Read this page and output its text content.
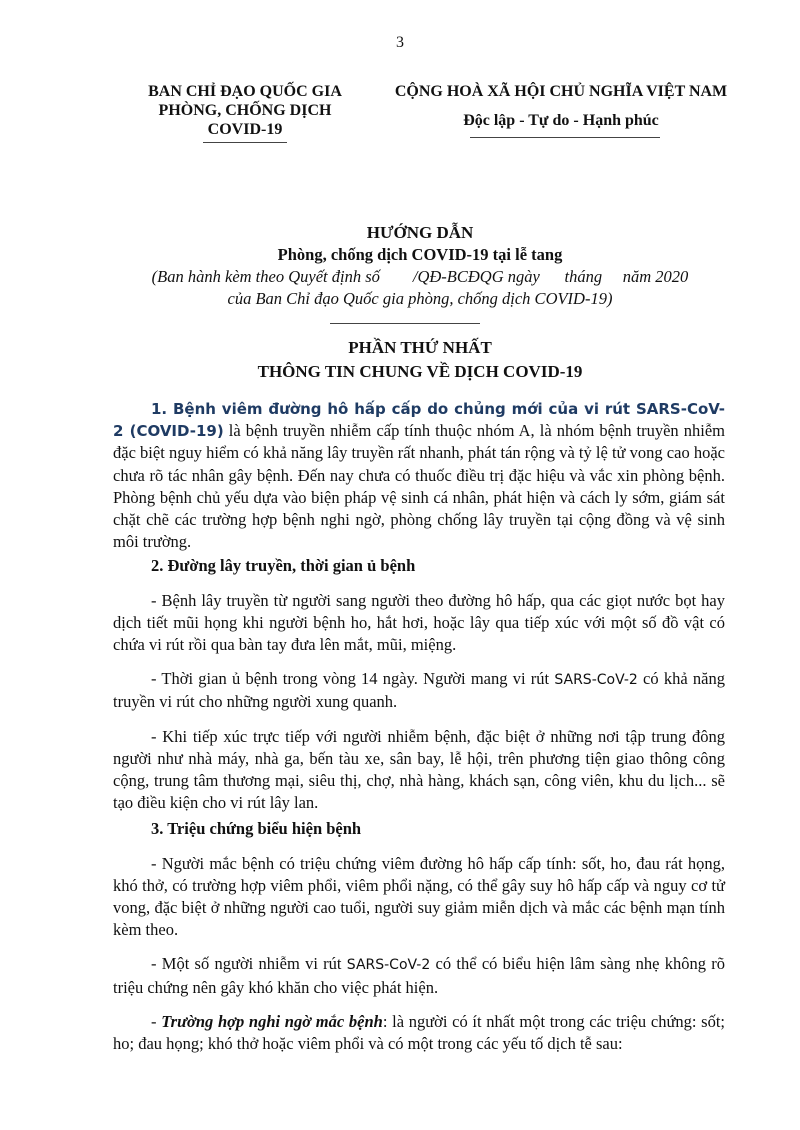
3
BAN CHỈ ĐẠO QUỐC GIA
PHÒNG, CHỐNG DỊCH
COVID-19
CỘNG HOÀ XÃ HỘI CHỦ NGHĨA VIỆT NAM
Độc lập - Tự do - Hạnh phúc
HƯỚNG DẪN
Phòng, chống dịch COVID-19 tại lễ tang
(Ban hành kèm theo Quyết định số        /QĐ-BCĐQG ngày      tháng     năm 2020
của Ban Chỉ đạo Quốc gia phòng, chống dịch COVID-19)
PHẦN THỨ NHẤT
THÔNG TIN CHUNG VỀ DỊCH COVID-19

1. Bệnh viêm đường hô hấp cấp do chủng mới của vi rút SARS-CoV-2 (COVID-19) là bệnh truyền nhiễm cấp tính thuộc nhóm A, là nhóm bệnh truyền nhiễm đặc biệt nguy hiểm có khả năng lây truyền rất nhanh, phát tán rộng và tỷ lệ tử vong cao hoặc chưa rõ tác nhân gây bệnh. Đến nay chưa có thuốc điều trị đặc hiệu và vắc xin phòng bệnh. Phòng bệnh chủ yếu dựa vào biện pháp vệ sinh cá nhân, phát hiện và cách ly sớm, giám sát chặt chẽ các trường hợp bệnh nghi ngờ, phòng chống lây truyền tại cộng đồng và vệ sinh môi trường.

2. Đường lây truyền, thời gian ủ bệnh

- Bệnh lây truyền từ người sang người theo đường hô hấp, qua các giọt nước bọt hay dịch tiết mũi họng khi người bệnh ho, hắt hơi, hoặc lây qua tiếp xúc với một số đồ vật có chứa vi rút rồi qua bàn tay đưa lên mắt, mũi, miệng.

- Thời gian ủ bệnh trong vòng 14 ngày. Người mang vi rút SARS-CoV-2 có khả năng truyền vi rút cho những người xung quanh.

- Khi tiếp xúc trực tiếp với người nhiễm bệnh, đặc biệt ở những nơi tập trung đông người như nhà máy, nhà ga, bến tàu xe, sân bay, lễ hội, trên phương tiện giao thông công cộng, trung tâm thương mại, siêu thị, chợ, nhà hàng, khách sạn, công viên, khu du lịch... sẽ tạo điều kiện cho vi rút lây lan.

3. Triệu chứng biểu hiện bệnh

- Người mắc bệnh có triệu chứng viêm đường hô hấp cấp tính: sốt, ho, đau rát họng, khó thở, có trường hợp viêm phổi, viêm phổi nặng, có thể gây suy hô hấp cấp và nguy cơ tử vong, đặc biệt ở những người cao tuổi, người suy giảm miễn dịch và mắc các bệnh mạn tính kèm theo.

- Một số người nhiễm vi rút SARS-CoV-2 có thể có biểu hiện lâm sàng nhẹ không rõ triệu chứng nên gây khó khăn cho việc phát hiện.

- Trường hợp nghi ngờ mắc bệnh: là người có ít nhất một trong các triệu chứng: sốt; ho; đau họng; khó thở hoặc viêm phổi và có một trong các yếu tố dịch tễ sau:
